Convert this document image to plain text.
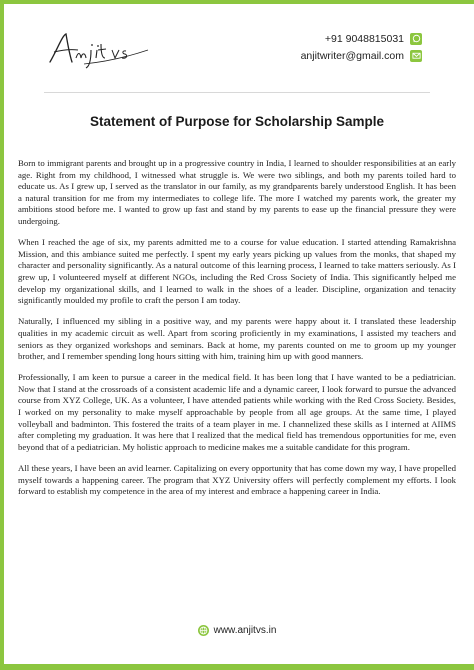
+91 9048815031
anjitwriter@gmail.com
Statement of Purpose for Scholarship Sample

Born to immigrant parents and brought up in a progressive country in India, I learned to shoulder responsibilities at an early age. Right from my childhood, I witnessed what struggle is. We were two siblings, and both my parents toiled hard to educate us. As I grew up, I served as the translator in our family, as my grandparents barely understood English. It has been a natural transition for me from my intermediates to college life. The more I watched my parents work, the greater my ambitions stood before me. I wanted to grow up fast and stand by my parents to ease up the financial pressure they were undergoing.

When I reached the age of six, my parents admitted me to a course for value education. I started attending Ramakrishna Mission, and this ambiance suited me perfectly. I spent my early years picking up values from the monks, that shaped my character and personality significantly. As a natural outcome of this learning process, I learned to take matters seriously. As I grew up, I volunteered myself at different NGOs, including the Red Cross Society of India. This significantly helped me develop my organizational skills, and I learned to walk in the shoes of a leader. Discipline, organization and tenacity significantly moulded my profile to craft the person I am today.

Naturally, I influenced my sibling in a positive way, and my parents were happy about it. I translated these leadership qualities in my academic circuit as well. Apart from scoring proficiently in my examinations, I assisted my teachers and seniors as they organized workshops and seminars. Back at home, my parents counted on me to groom up my younger brother, and I remember spending long hours sitting with him, training him up with good manners.

Professionally, I am keen to pursue a career in the medical field. It has been long that I have wanted to be a pediatrician. Now that I stand at the crossroads of a consistent academic life and a dynamic career, I look forward to pursue the advanced course from XYZ College, UK. As a volunteer, I have attended patients while working with the Red Cross Society. Besides, I worked on my personality to make myself approachable by people from all age groups. At the same time, I played volleyball and badminton. This fostered the traits of a team player in me. I channelized these skills as I interned at AIIMS after completing my graduation. It was here that I realized that the medical field has tremendous opportunities for me, even beyond that of a pediatrician. My holistic approach to medicine makes me a suitable candidate for this program.

All these years, I have been an avid learner. Capitalizing on every opportunity that has come down my way, I have propelled myself towards a happening career. The program that XYZ University offers will perfectly complement my efforts. I look forward to establish my competence in the area of my interest and embrace a happening career in India.

www.anjitvs.in
